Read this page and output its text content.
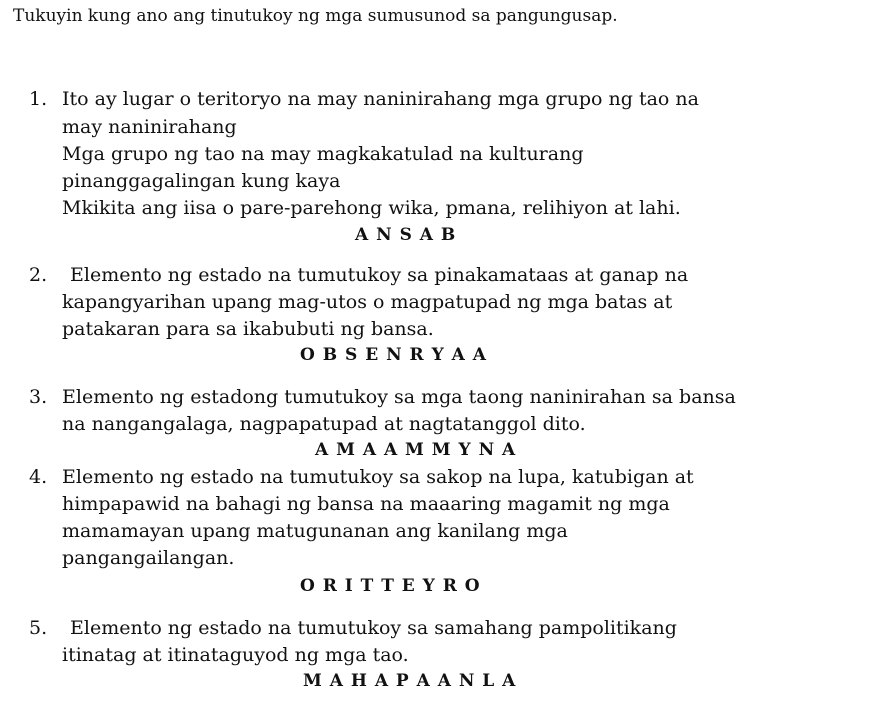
Tukuyin kung ano ang tinutukoy ng mga sumusunod sa pangungusap.
1. Ito ay lugar o teritoryo na may naninirahang mga grupo ng tao na
may naninirahang
Mga grupo ng tao na may magkakatulad na kulturang
pinanggagalingan kung kaya
Mkikita ang iisa o pare-parehong wika, pmana, relihiyon at lahi.
A N S A B
2. Elemento ng estado na tumutukoy sa pinakamataas at ganap na
kapangyarihan upang mag-utos o magpatupad ng mga batas at
patakaran para sa ikabubuti ng bansa.
O B S E N R Y A A
3. Elemento ng estadong tumutukoy sa mga taong naninirahan sa bansa
na nangangalaga, nagpapatupad at nagtatanggol dito.
A M A A M M Y N A
4. Elemento ng estado na tumutukoy sa sakop na lupa, katubigan at
himpapawid na bahagi ng bansa na maaaring magamit ng mga
mamamayan upang matugunanan ang kanilang mga
pangangailangan.
O R I T T E Y R O
5. Elemento ng estado na tumutukoy sa samahang pampolitikang
itinatag at itinataguyod ng mga tao.
M A H A P A A N L A
